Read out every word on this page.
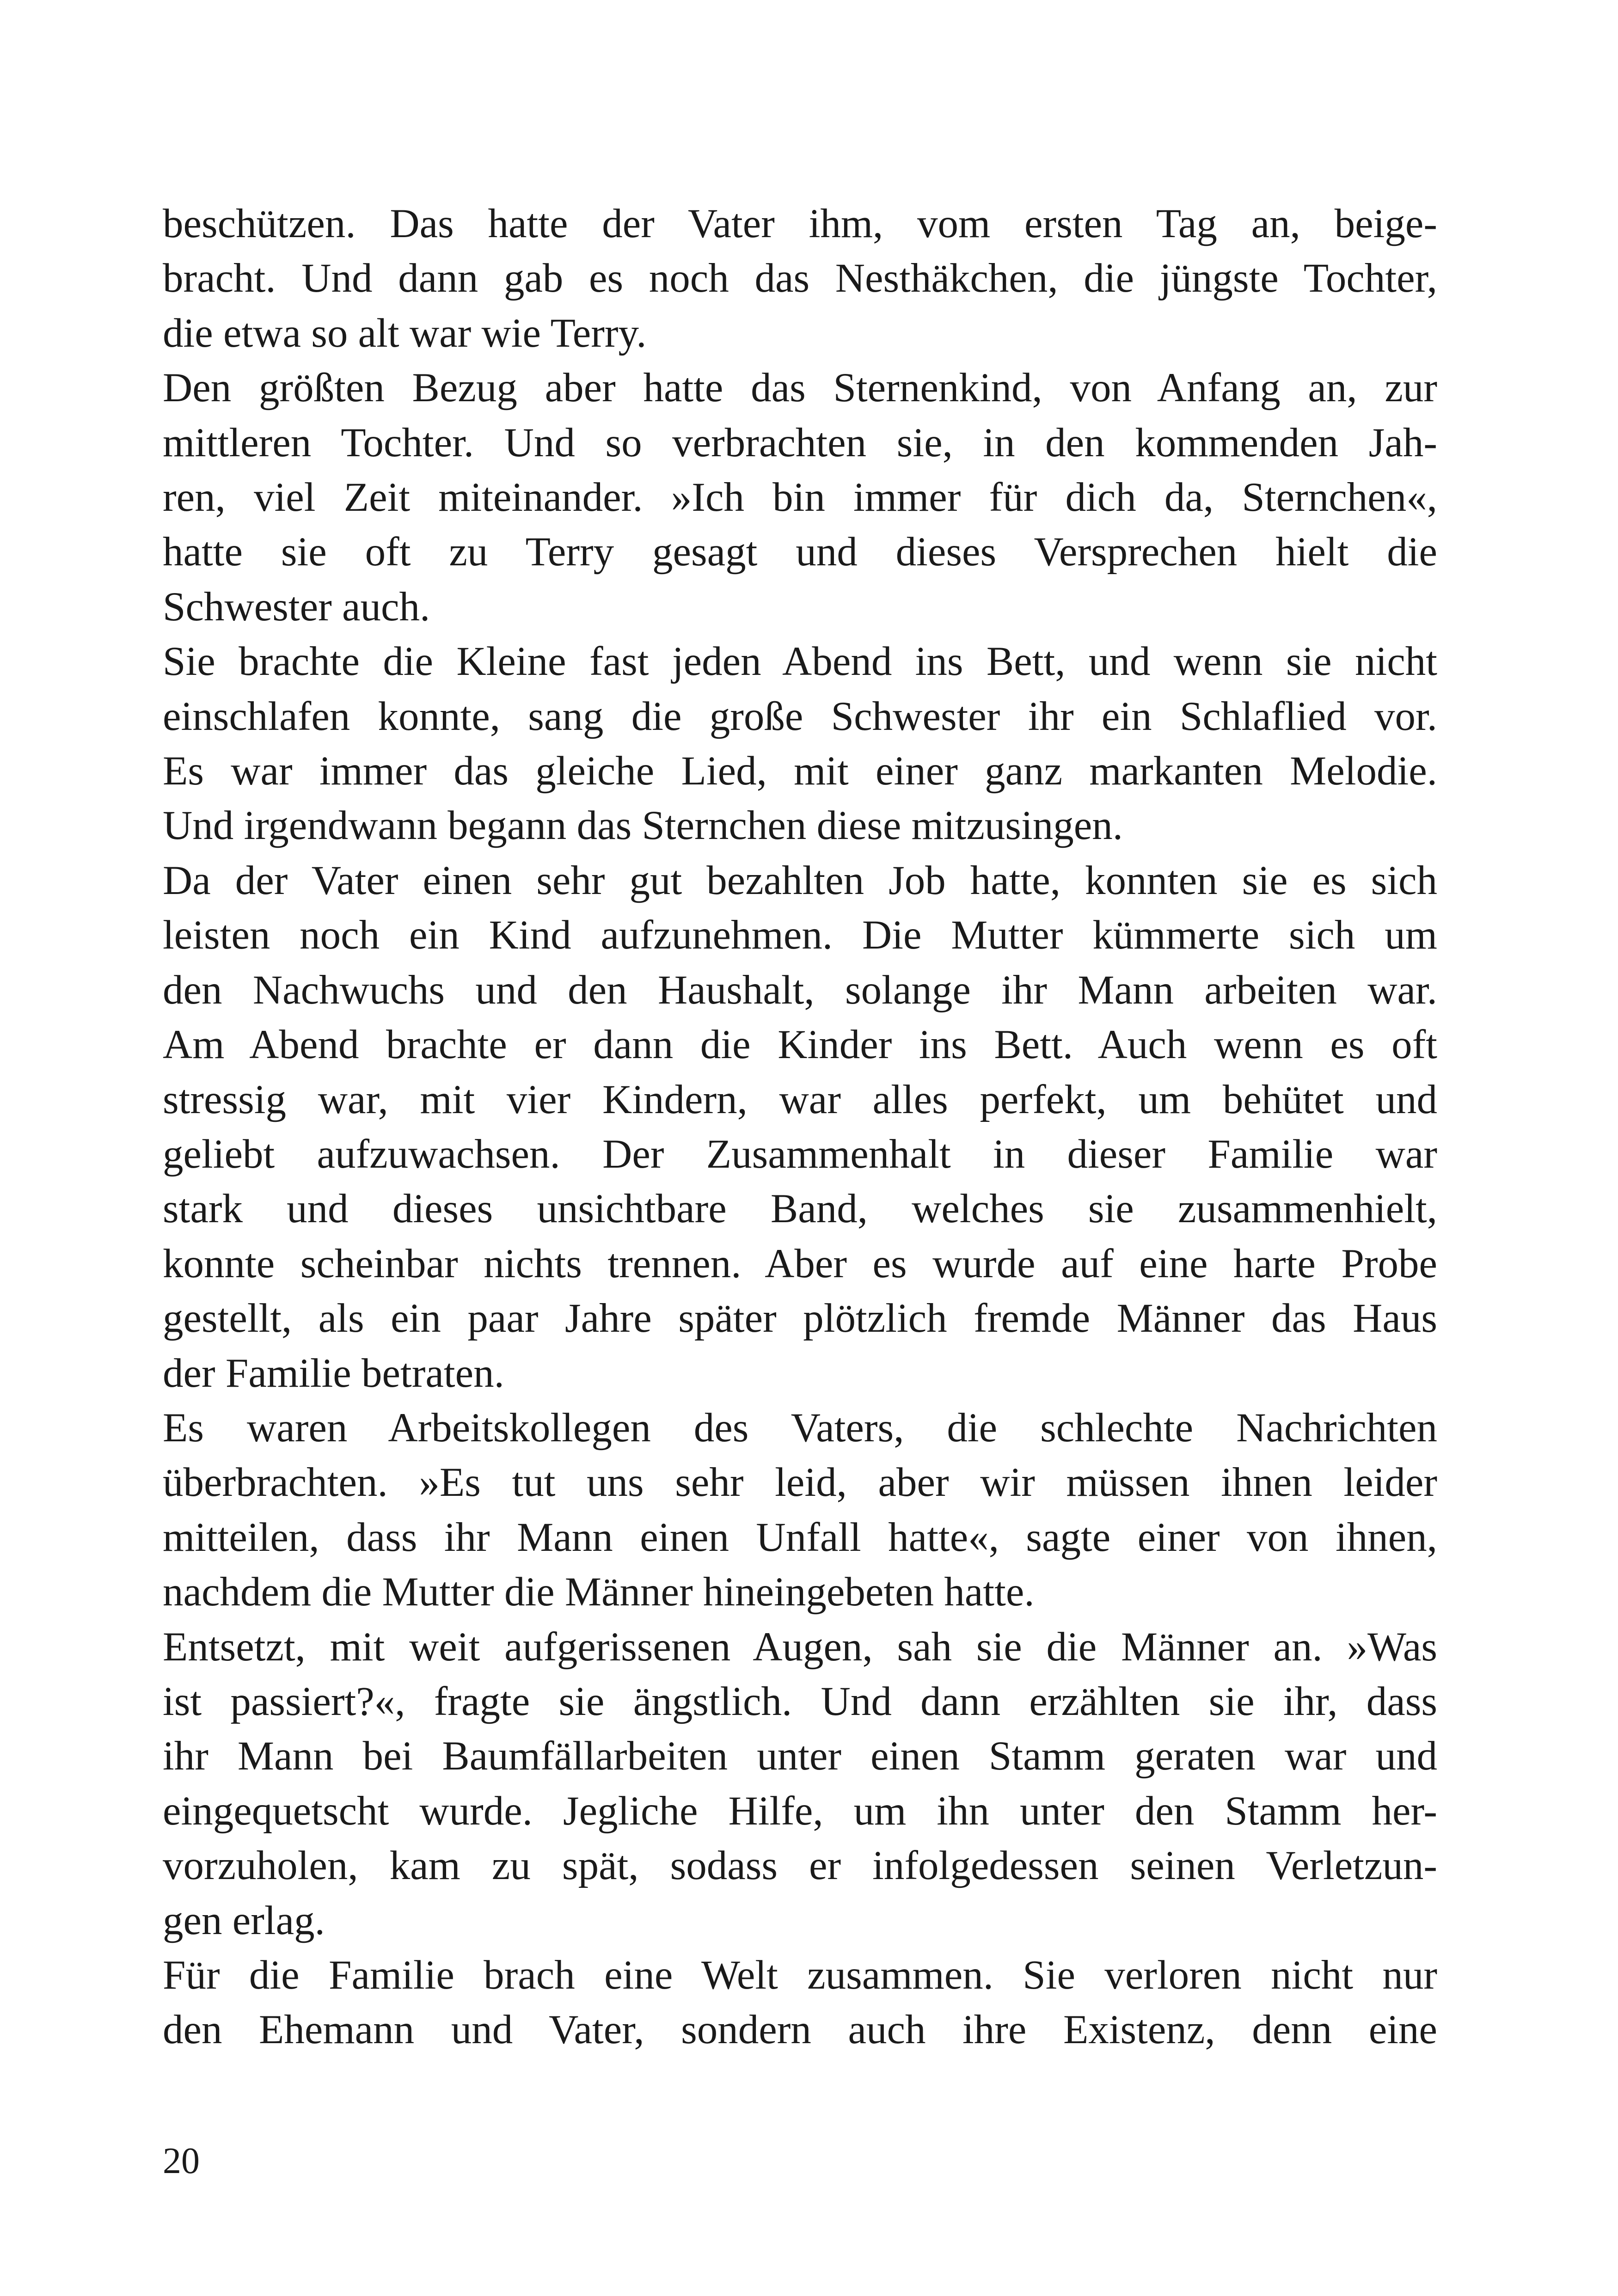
beschützen. Das hatte der Vater ihm, vom ersten Tag an, beige-
bracht. Und dann gab es noch das Nesthäkchen, die jüngste Tochter,
die etwa so alt war wie Terry.
Den größten Bezug aber hatte das Sternenkind, von Anfang an, zur
mittleren Tochter. Und so verbrachten sie, in den kommenden Jah-
ren, viel Zeit miteinander. »Ich bin immer für dich da, Sternchen«,
hatte sie oft zu Terry gesagt und dieses Versprechen hielt die
Schwester auch.
Sie brachte die Kleine fast jeden Abend ins Bett, und wenn sie nicht
einschlafen konnte, sang die große Schwester ihr ein Schlaflied vor.
Es war immer das gleiche Lied, mit einer ganz markanten Melodie.
Und irgendwann begann das Sternchen diese mitzusingen.
Da der Vater einen sehr gut bezahlten Job hatte, konnten sie es sich
leisten noch ein Kind aufzunehmen. Die Mutter kümmerte sich um
den Nachwuchs und den Haushalt, solange ihr Mann arbeiten war.
Am Abend brachte er dann die Kinder ins Bett. Auch wenn es oft
stressig war, mit vier Kindern, war alles perfekt, um behütet und
geliebt aufzuwachsen. Der Zusammenhalt in dieser Familie war
stark und dieses unsichtbare Band, welches sie zusammenhielt,
konnte scheinbar nichts trennen. Aber es wurde auf eine harte Probe
gestellt, als ein paar Jahre später plötzlich fremde Männer das Haus
der Familie betraten.
Es waren Arbeitskollegen des Vaters, die schlechte Nachrichten
überbrachten. »Es tut uns sehr leid, aber wir müssen ihnen leider
mitteilen, dass ihr Mann einen Unfall hatte«, sagte einer von ihnen,
nachdem die Mutter die Männer hineingebeten hatte.
Entsetzt, mit weit aufgerissenen Augen, sah sie die Männer an. »Was
ist passiert?«, fragte sie ängstlich. Und dann erzählten sie ihr, dass
ihr Mann bei Baumfällarbeiten unter einen Stamm geraten war und
eingequetscht wurde. Jegliche Hilfe, um ihn unter den Stamm her-
vorzuholen, kam zu spät, sodass er infolgedessen seinen Verletzun-
gen erlag.
Für die Familie brach eine Welt zusammen. Sie verloren nicht nur
den Ehemann und Vater, sondern auch ihre Existenz, denn eine
20
